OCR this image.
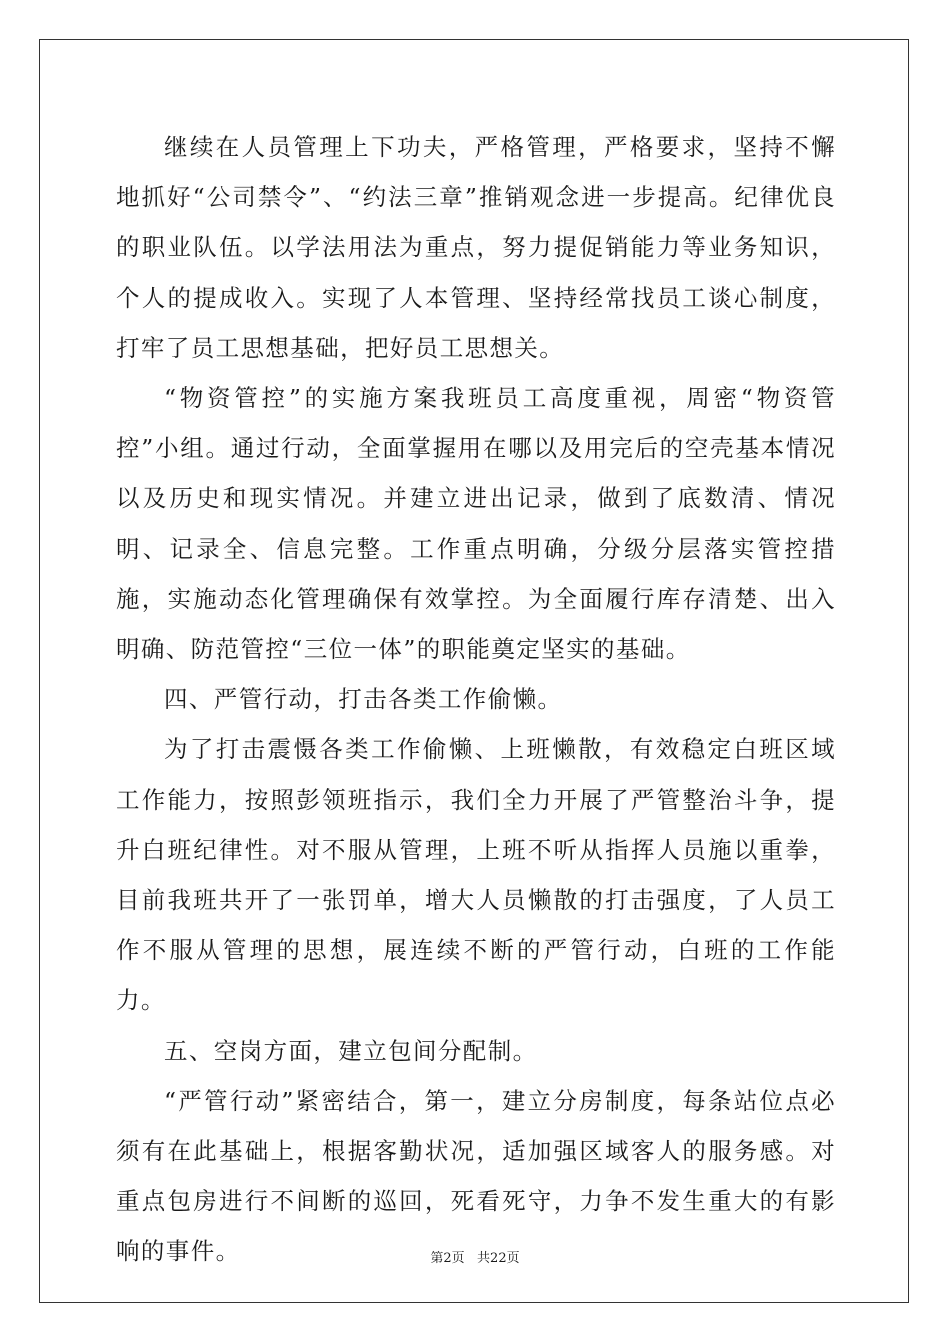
继续在人员管理上下功夫，严格管理，严格要求，坚持不懈地抓好“公司禁令”、“约法三章”推销观念进一步提高。纪律优良的职业队伍。以学法用法为重点，努力提促销能力等业务知识，个人的提成收入。实现了人本管理、坚持经常找员工谈心制度，打牢了员工思想基础，把好员工思想关。

“物资管控”的实施方案我班员工高度重视，周密“物资管控”小组。通过行动，全面掌握用在哪以及用完后的空壳基本情况以及历史和现实情况。并建立进出记录，做到了底数清、情况明、记录全、信息完整。工作重点明确，分级分层落实管控措施，实施动态化管理确保有效掌控。为全面履行库存清楚、出入明确、防范管控“三位一体”的职能奠定坚实的基础。

四、严管行动，打击各类工作偷懒。

为了打击震慑各类工作偷懒、上班懒散，有效稳定白班区域工作能力，按照彭领班指示，我们全力开展了严管整治斗争，提升白班纪律性。对不服从管理，上班不听从指挥人员施以重拳，目前我班共开了一张罚单，增大人员懒散的打击强度，了人员工作不服从管理的思想，展连续不断的严管行动，白班的工作能力。

五、空岗方面，建立包间分配制。

“严管行动”紧密结合，第一，建立分房制度，每条站位点必须有在此基础上，根据客勤状况，适加强区域客人的服务感。对重点包房进行不间断的巡回，死看死守，力争不发生重大的有影响的事件。	第2页   共22页
